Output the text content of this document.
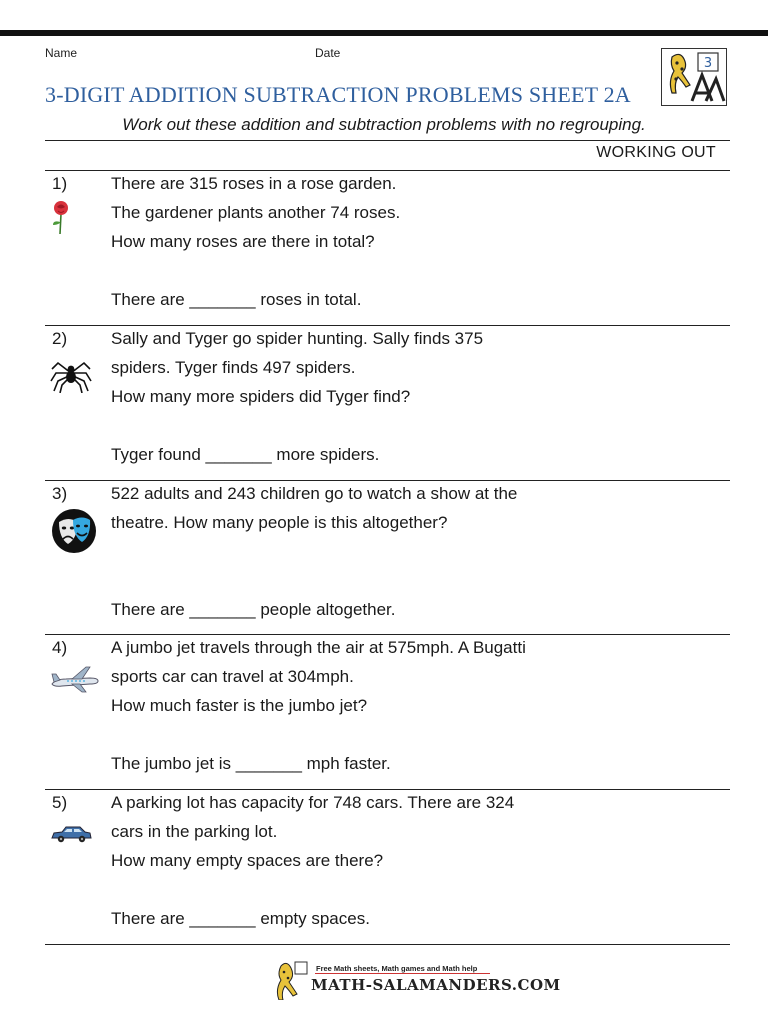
Name	Date
3-DIGIT ADDITION SUBTRACTION PROBLEMS SHEET 2A
3
Work out these addition and subtraction problems with no regrouping.
WORKING OUT
1)	There are 315 roses in a rose garden.
The gardener plants another 74 roses.
How many roses are there in total?
There are _______ roses in total.
2)	Sally and Tyger go spider hunting. Sally finds 375
spiders. Tyger finds 497 spiders.
How many more spiders did Tyger find?
Tyger found _______ more spiders.
3)	522 adults and 243 children go to watch a show at the
theatre. How many people is this altogether?
There are _______ people altogether.
4)	A jumbo jet travels through the air at 575mph. A Bugatti
sports car can travel at 304mph.
How much faster is the jumbo jet?
The jumbo jet is _______ mph faster.
5)	A parking lot has capacity for 748 cars. There are 324
cars in the parking lot.
How many empty spaces are there?
There are _______ empty spaces.
Free Math sheets, Math games and Math help
MATH-SALAMANDERS.COM
